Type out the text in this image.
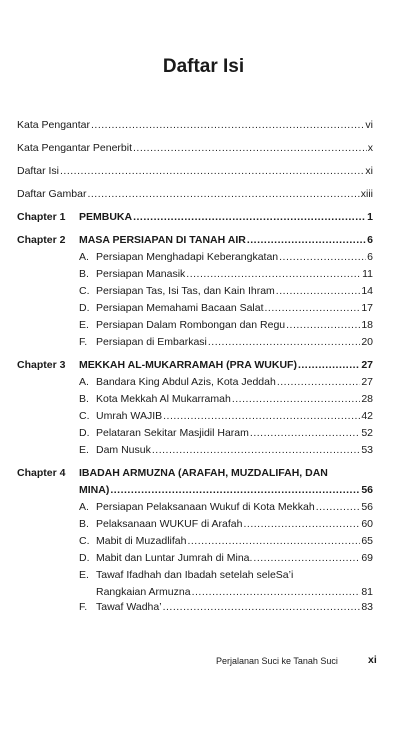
Daftar Isi
Kata Pengantar .....	vi
Kata Pengantar Penerbit .....	x
Daftar Isi .....	xi
Daftar Gambar .....	xiii
Chapter 1 PEMBUKA .....	1
Chapter 2 MASA PERSIAPAN DI TANAH AIR .....	6
A. Persiapan Menghadapi Keberangkatan .....	6
B. Persiapan Manasik .....	11
C. Persiapan Tas, Isi Tas, dan Kain Ihram .....	14
D. Persiapan Memahami Bacaan Salat .....	17
E. Persiapan Dalam Rombongan dan Regu .....	18
F. Persiapan di Embarkasi .....	20
Chapter 3 MEKKAH AL-MUKARRAMAH (PRA WUKUF) .....	27
A. Bandara King Abdul Azis, Kota Jeddah .....	27
B. Kota Mekkah Al Mukarramah .....	28
C. Umrah WAJIB .....	42
D. Pelataran Sekitar Masjidil Haram .....	52
E. Dam Nusuk .....	53
Chapter 4 IBADAH ARMUZNA (ARAFAH, MUZDALIFAH, DAN
MINA) .....	56
A. Persiapan Pelaksanaan Wukuf di Kota Mekkah .....	56
B. Pelaksanaan WUKUF di Arafah .....	60
C. Mabit di Muzadlifah .....	65
D. Mabit dan Luntar Jumrah di Mina. .....	69
E. Tawaf Ifadhah dan Ibadah setelah seleSa’i
Rangkaian Armuzna .....	81
F. Tawaf Wadha’ .....	83
Perjalanan Suci ke Tanah Suci	xi
